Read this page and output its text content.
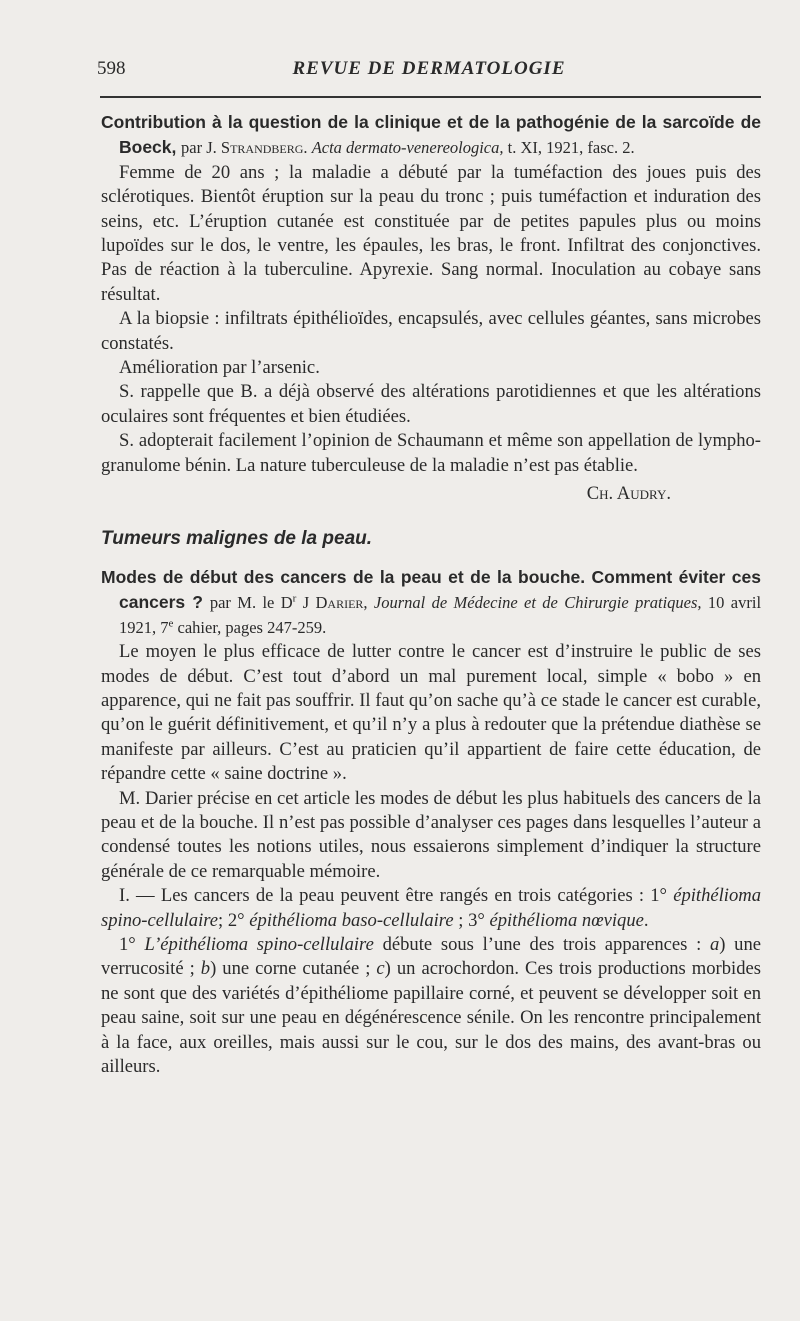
598	REVUE DE DERMATOLOGIE
Contribution à la question de la clinique et de la pathogénie de la sarcoïde de Boeck, par J. Strandberg. Acta dermato-venereologica, t. XI, 1921, fasc. 2.

Femme de 20 ans ; la maladie a débuté par la tuméfaction des joues puis des sclérotiques. Bientôt éruption sur la peau du tronc ; puis tuméfaction et induration des seins, etc. L’éruption cutanée est constituée par de petites papules plus ou moins lupoïdes sur le dos, le ventre, les épaules, les bras, le front. Infiltrat des conjonctives. Pas de réaction à la tuberculine. Apyrexie. Sang normal. Inoculation au cobaye sans résultat.

A la biopsie : infiltrats épithélioïdes, encapsulés, avec cellules géantes, sans microbes constatés.

Amélioration par l’arsenic.

S. rappelle que B. a déjà observé des altérations parotidiennes et que les altérations oculaires sont fréquentes et bien étudiées.

S. adopterait facilement l’opinion de Schaumann et même son appellation de lympho-granulome bénin. La nature tuberculeuse de la maladie n’est pas établie.

Ch. Audry.
Tumeurs malignes de la peau.
Modes de début des cancers de la peau et de la bouche. Comment éviter ces cancers ? par M. le $D^r$ J Darier, Journal de Médecine et de Chirurgie pratiques, 10 avril 1921, 7e cahier, pages 247-259.

Le moyen le plus efficace de lutter contre le cancer est d’instruire le public de ses modes de début. C’est tout d’abord un mal purement local, simple « bobo » en apparence, qui ne fait pas souffrir. Il faut qu’on sache qu’à ce stade le cancer est curable, qu’on le guérit définitivement, et qu’il n’y a plus à redouter que la prétendue diathèse se manifeste par ailleurs. C’est au praticien qu’il appartient de faire cette éducation, de répandre cette « saine doctrine ».

M. Darier précise en cet article les modes de début les plus habituels des cancers de la peau et de la bouche. Il n’est pas possible d’analyser ces pages dans lesquelles l’auteur a condensé toutes les notions utiles, nous essaierons simplement d’indiquer la structure générale de ce remarquable mémoire.

I. — Les cancers de la peau peuvent être rangés en trois catégories : 1° épithélioma spino-cellulaire; 2° épithélioma baso-cellulaire ; 3° épithélioma nœvique.

1° L’épithélioma spino-cellulaire débute sous l’une des trois apparences : a) une verrucosité ; b) une corne cutanée ; c) un acrochordon. Ces trois productions morbides ne sont que des variétés d’épithéliome papillaire corné, et peuvent se développer soit en peau saine, soit sur une peau en dégénérescence sénile. On les rencontre principalement à la face, aux oreilles, mais aussi sur le cou, sur le dos des mains, des avant-bras ou ailleurs.
